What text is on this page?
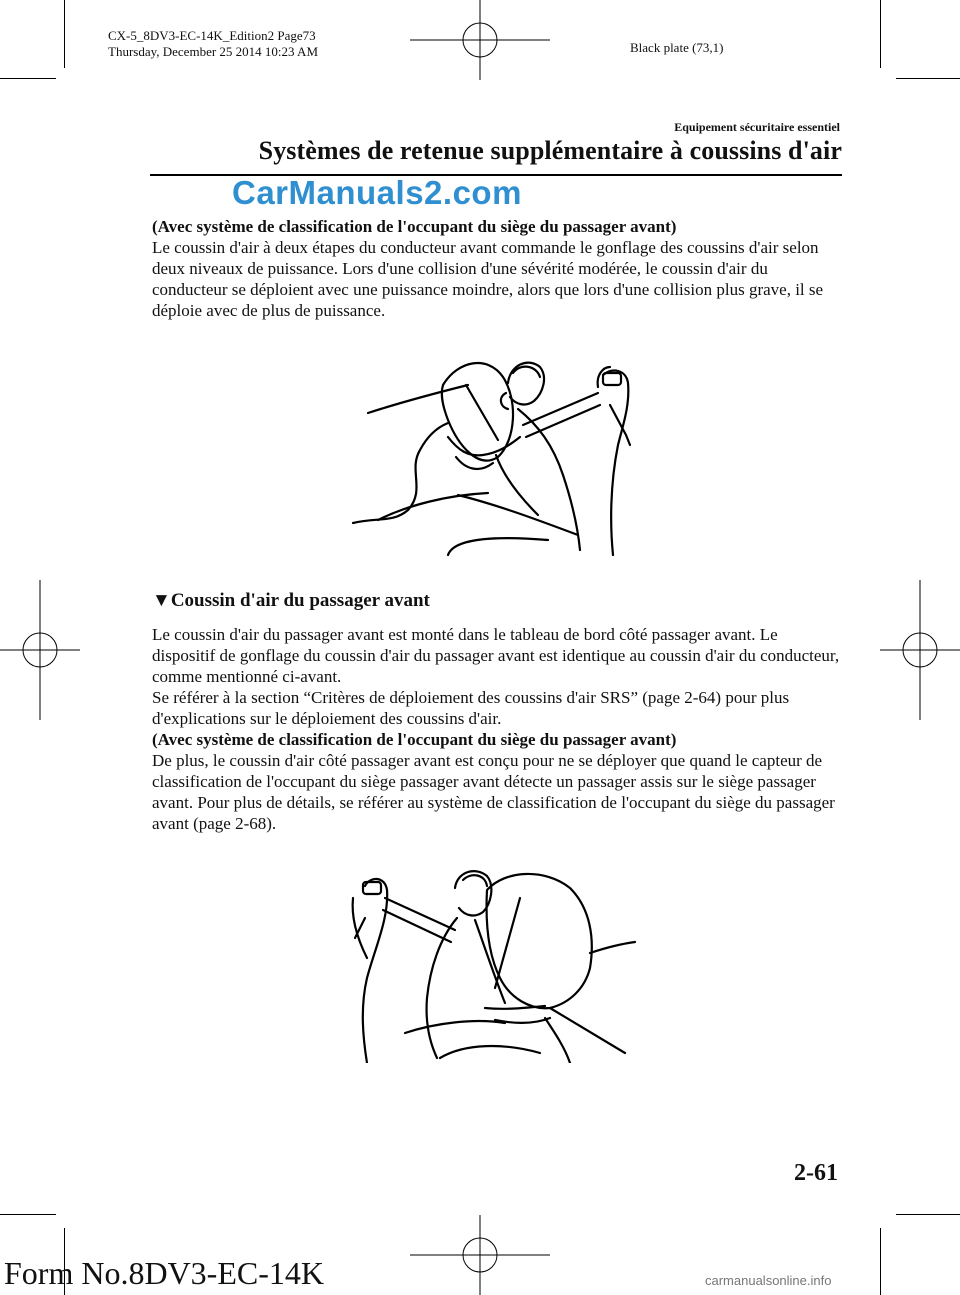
CX-5_8DV3-EC-14K_Edition2 Page73
Thursday, December 25 2014 10:23 AM	Black plate (73,1)
Equipement sécuritaire essentiel
Systèmes de retenue supplémentaire à coussins d'air
CarManuals2.com

(Avec système de classification de l'occupant du siège du passager avant)

Le coussin d'air à deux étapes du conducteur avant commande le gonflage des coussins d'air selon deux niveaux de puissance. Lors d'une collision d'une sévérité modérée, le coussin d'air du conducteur se déploient avec une puissance moindre, alors que lors d'une collision plus grave, il se déploie avec de plus de puissance.

▼Coussin d'air du passager avant

Le coussin d'air du passager avant est monté dans le tableau de bord côté passager avant. Le dispositif de gonflage du coussin d'air du passager avant est identique au coussin d'air du conducteur, comme mentionné ci-avant.

Se référer à la section “Critères de déploiement des coussins d'air SRS” (page 2-64) pour plus d'explications sur le déploiement des coussins d'air.

(Avec système de classification de l'occupant du siège du passager avant)

De plus, le coussin d'air côté passager avant est conçu pour ne se déployer que quand le capteur de classification de l'occupant du siège passager avant détecte un passager assis sur le siège passager avant. Pour plus de détails, se référer au système de classification de l'occupant du siège du passager avant (page 2-68).

2-61
Form No.8DV3-EC-14K	carmanualsonline.info
